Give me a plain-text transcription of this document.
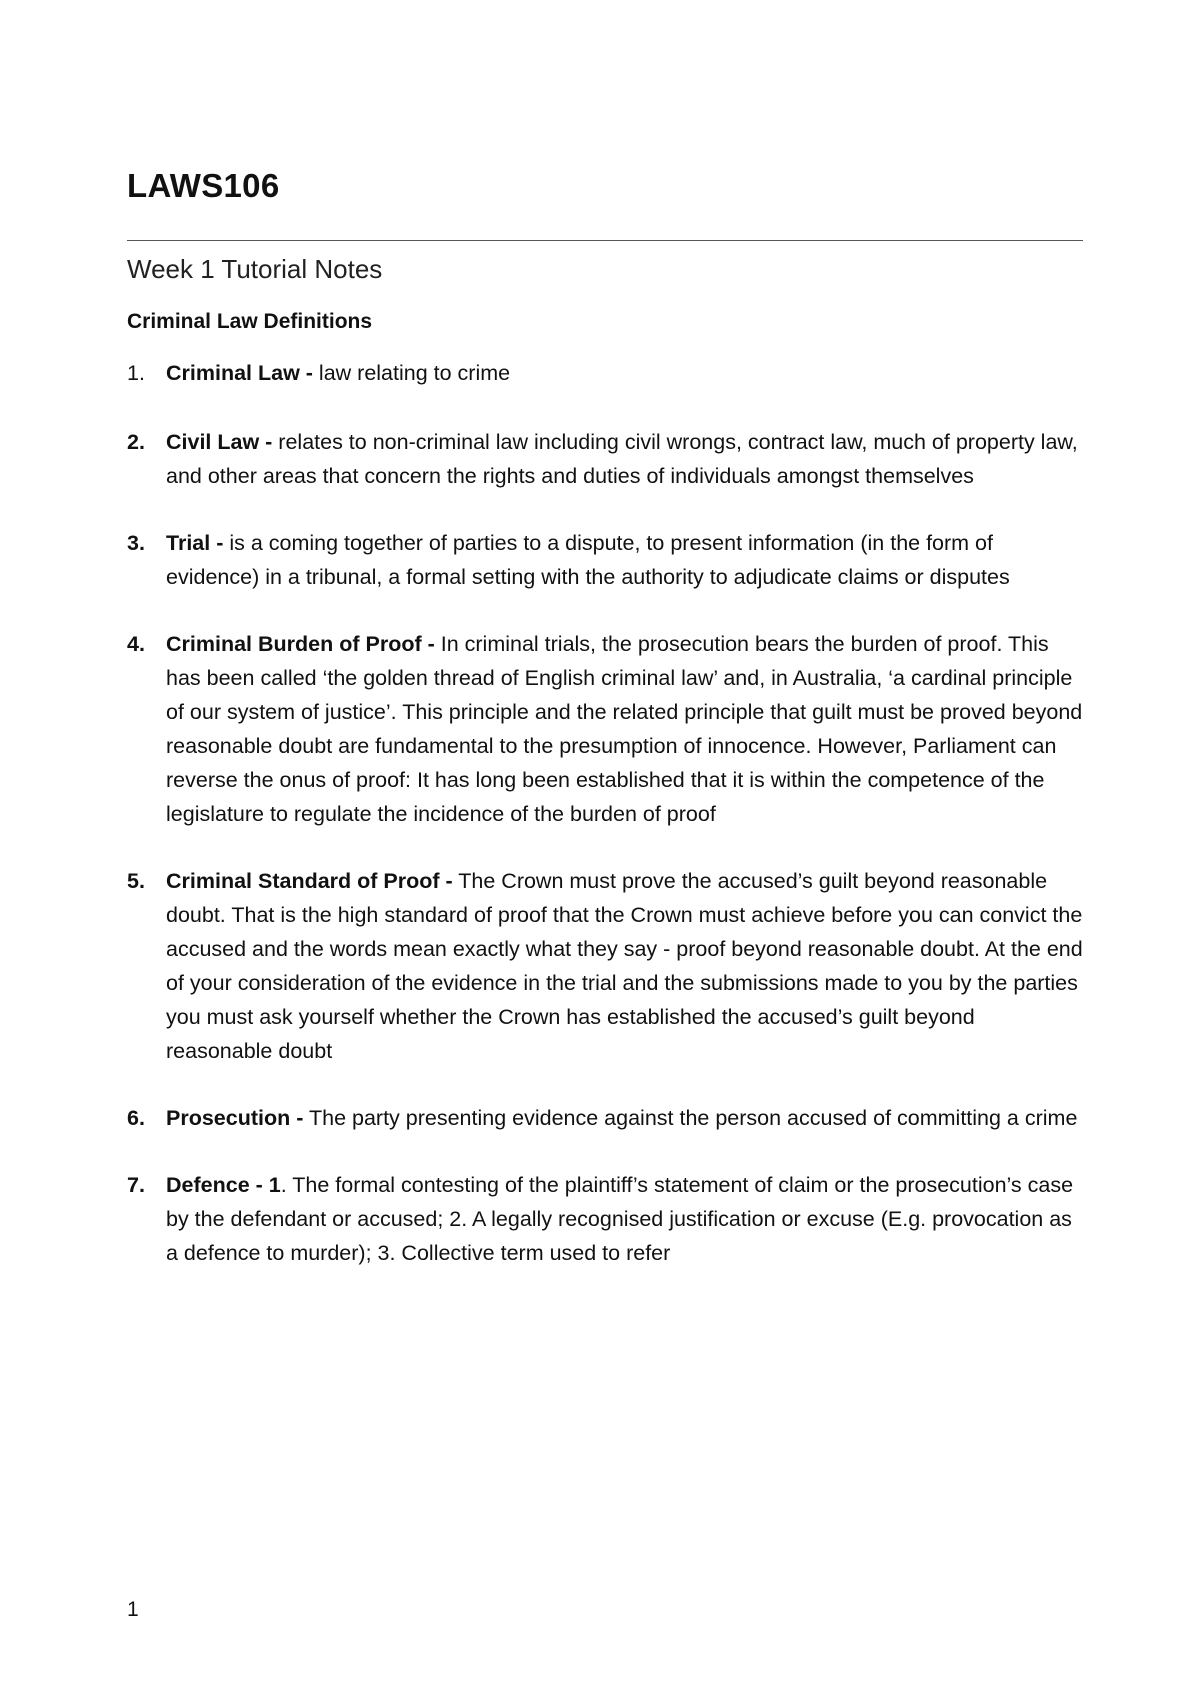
LAWS106
Week 1 Tutorial Notes
Criminal Law Definitions
1. Criminal Law - law relating to crime
2. Civil Law - relates to non-criminal law including civil wrongs, contract law, much of property law, and other areas that concern the rights and duties of individuals amongst themselves
3. Trial - is a coming together of parties to a dispute, to present information (in the form of evidence) in a tribunal, a formal setting with the authority to adjudicate claims or disputes
4. Criminal Burden of Proof - In criminal trials, the prosecution bears the burden of proof. This has been called ‘the golden thread of English criminal law’ and, in Australia, ‘a cardinal principle of our system of justice’. This principle and the related principle that guilt must be proved beyond reasonable doubt are fundamental to the presumption of innocence. However, Parliament can reverse the onus of proof: It has long been established that it is within the competence of the legislature to regulate the incidence of the burden of proof
5. Criminal Standard of Proof - The Crown must prove the accused’s guilt beyond reasonable doubt. That is the high standard of proof that the Crown must achieve before you can convict the accused and the words mean exactly what they say - proof beyond reasonable doubt. At the end of your consideration of the evidence in the trial and the submissions made to you by the parties you must ask yourself whether the Crown has established the accused’s guilt beyond reasonable doubt
6. Prosecution - The party presenting evidence against the person accused of committing a crime
7. Defence - 1. The formal contesting of the plaintiff’s statement of claim or the prosecution’s case by the defendant or accused; 2. A legally recognised justification or excuse (E.g. provocation as a defence to murder); 3. Collective term used to refer
1
